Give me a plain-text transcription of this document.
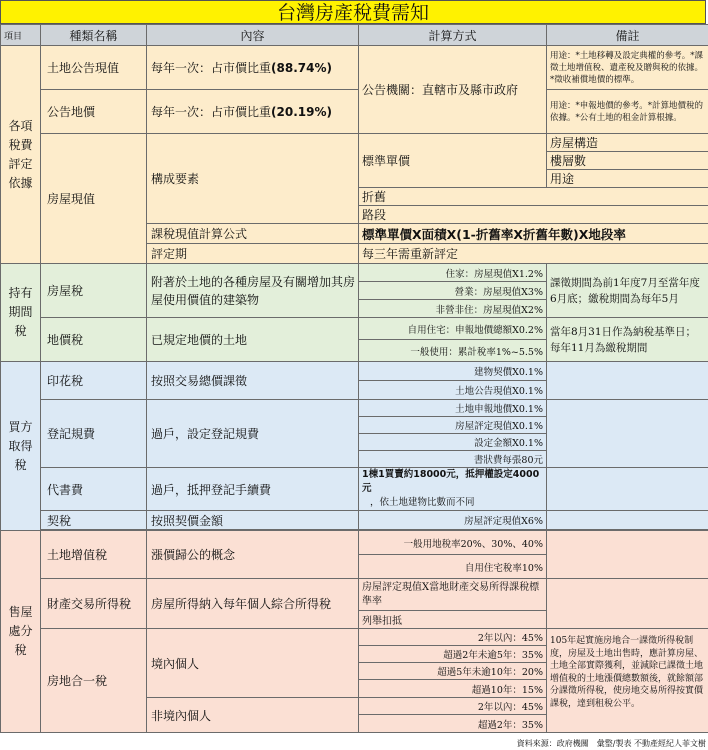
台灣房產稅費需知
項目	種類名稱	內容	計算方式	備註
各項稅費評定依據	土地公告現值	每年一次：占市價比重(88.74%)	公告機關：直轄市及縣市政府	用途：*土地移轉及設定典權的參考。*課徵土地增值稅、遺產稅及贈與稅的依據。*徵收補償地價的標準。
	公告地價	每年一次：占市價比重(20.19%)		用途：*申報地價的參考。*計算地價稅的依據。*公有土地的租金計算根據。
	房屋現值	構成要素	標準單價	房屋構造
				樓層數
				用途
			折舊	
			路段	
		課稅現值計算公式	標準單價X面積X(1-折舊率X折舊年數)X地段率	
		評定期	每三年需重新評定	
持有期間稅	房屋稅	附著於土地的各種房屋及有關增加其房屋使用價值的建築物	住家：房屋現值X1.2%	課徵期間為前1年度7月至當年度6月底；繳稅期間為每年5月
			營業：房屋現值X3%	
			非營非住：房屋現值X2%	
	地價稅	已規定地價的土地	自用住宅：申報地價總額X0.2%	當年8月31日作為納稅基準日；每年11月為繳稅期間
			一般使用：累計稅率1%~5.5%	
買方取得稅	印花稅	按照交易總價課徵	建物契價X0.1%	
			土地公告現值X0.1%	
	登記規費	過戶，設定登記規費	土地申報地價X0.1%	
			房屋評定現值X0.1%	
			設定金額X0.1%	
			書狀費每張80元	
	代書費	過戶，抵押登記手續費	1棟1買賣約18000元，抵押權設定4000元
，依土地建物比數而不同	
	契稅	按照契價金額	房屋評定現值X6%	

售屋處分稅	土地增值稅	漲價歸公的概念	一般用地稅率20%、30%、40%	
			自用住宅稅率10%	
	財產交易所得稅	房屋所得納入每年個人綜合所得稅	房屋評定現值X當地財產交易所得課稅標準率	
			列舉扣抵	
	房地合一稅	境內個人	2年以內：45%	105年起實施房地合一課徵所得稅制度，房屋及土地出售時，應計算房屋、土地全部實際獲利，並減除已課徵土地增值稅的土地漲價總數額後，就餘額部分課徵所得稅，使房地交易所得按實價課稅，達到租稅公平。
			超過2年未逾5年：35%	
			超過5年未逾10年：20%	
			超過10年：15%	
		非境內個人	2年以內：45%	
			超過2年：35%	
資料來源：政府機關　彙整/製表 不動產經紀人菲文樹
